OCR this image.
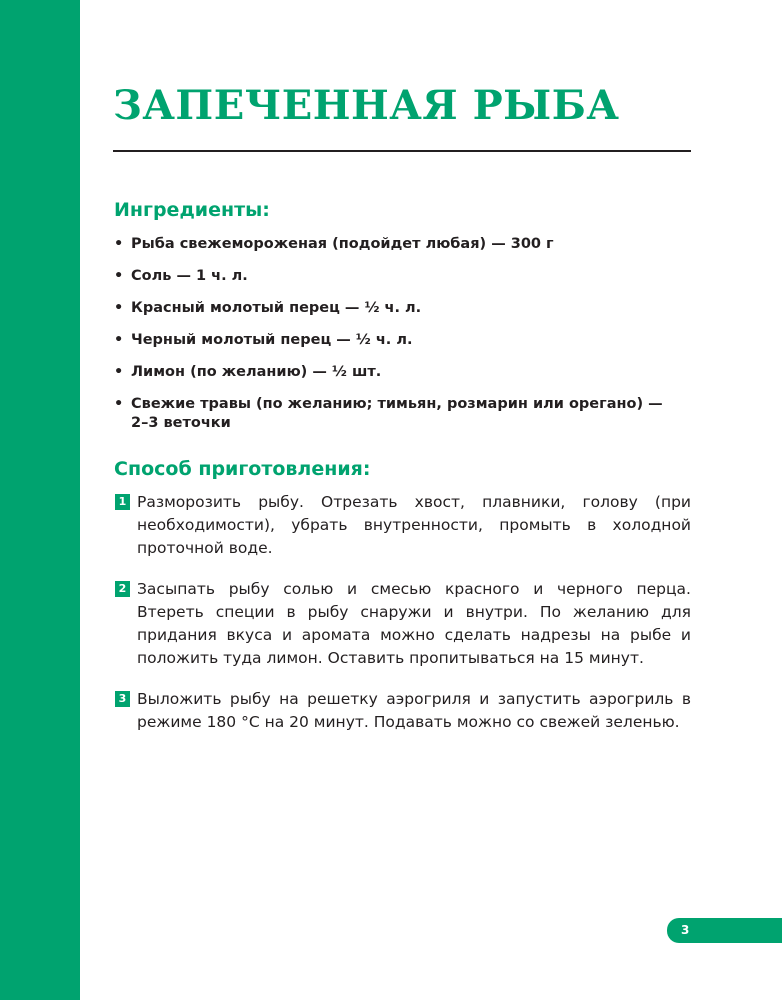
ЗАПЕЧЕННАЯ РЫБА
Ингредиенты:
• Рыба свежемороженая (подойдет любая) — 300 г
• Соль — 1 ч. л.
• Красный молотый перец — ½ ч. л.
• Черный молотый перец — ½ ч. л.
• Лимон (по желанию) — ½ шт.
• Свежие травы (по желанию; тимьян, розмарин или орегано) — 2–3 веточки
Способ приготовления:
1 Разморозить рыбу. Отрезать хвост, плавники, голову (при необходимости), убрать внутренности, промыть в холодной проточной воде.
2 Засыпать рыбу солью и смесью красного и черного перца. Втереть специи в рыбу снаружи и внутри. По желанию для придания вкуса и аромата можно сделать надрезы на рыбе и положить туда лимон. Оставить пропитываться на 15 минут.
3 Выложить рыбу на решетку аэрогриля и запустить аэрогриль в режиме 180 °С на 20 минут. Подавать можно со свежей зеленью.
3
